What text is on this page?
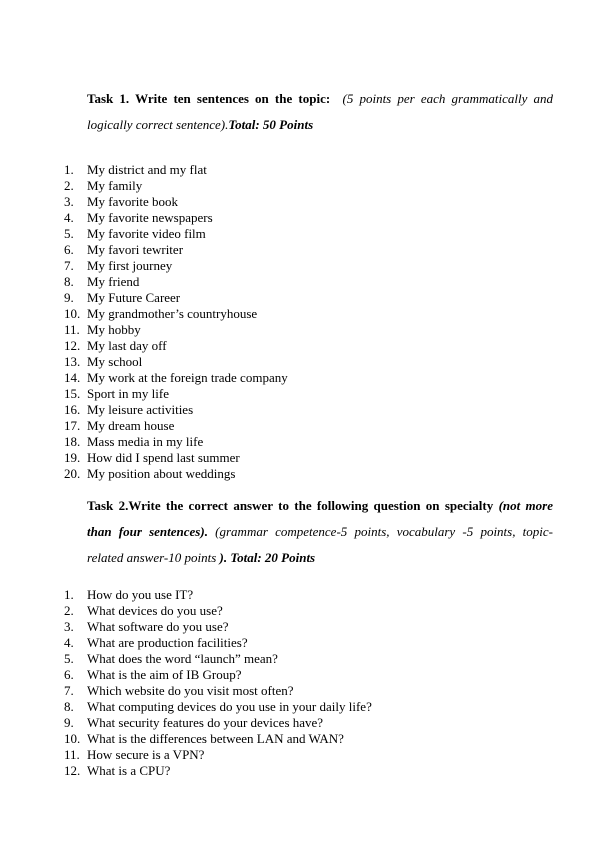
Task 1. Write ten sentences on the topic: (5 points per each grammatically and logically correct sentence).Total: 50 Points

1. My district and my flat
2. My family
3. My favorite book
4. My favorite newspapers
5. My favorite video film
6. My favori tewriter
7. My first journey
8. My friend
9. My Future Career
10. My grandmother’s countryhouse
11. My hobby
12. My last day off
13. My school
14. My work at the foreign trade company
15. Sport in my life
16. My leisure activities
17. My dream house
18. Mass media in my life
19. How did I spend last summer
20. My position about weddings

Task 2.Write the correct answer to the following question on specialty (not more than four sentences). (grammar competence-5 points, vocabulary -5 points, topic-related answer-10 points ). Total: 20 Points

1. How do you use IT?
2. What devices do you use?
3. What software do you use?
4. What are production facilities?
5. What does the word “launch” mean?
6. What is the aim of IB Group?
7. Which website do you visit most often?
8. What computing devices do you use in your daily life?
9. What security features do your devices have?
10. What is the differences between LAN and WAN?
11. How secure is a VPN?
12. What is a CPU?
